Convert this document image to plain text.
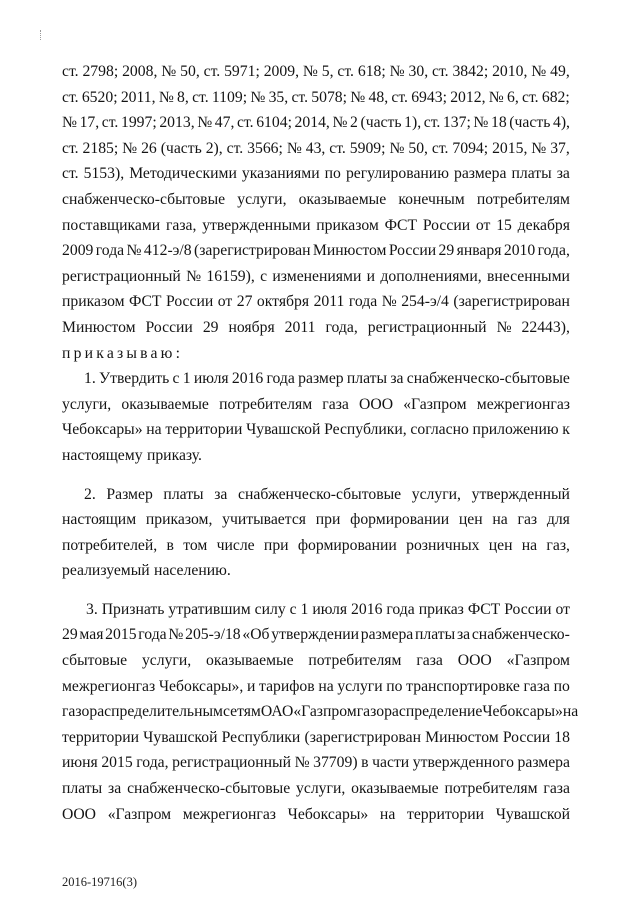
ст. 2798; 2008, № 50, ст. 5971; 2009, № 5, ст. 618; № 30, ст. 3842; 2010, № 49,
ст. 6520; 2011, № 8, ст. 1109; № 35, ст. 5078; № 48, ст. 6943; 2012, № 6, ст. 682;
№ 17, ст. 1997; 2013, № 47, ст. 6104; 2014, № 2 (часть 1), ст. 137; № 18 (часть 4),
ст. 2185; № 26 (часть 2), ст. 3566; № 43, ст. 5909; № 50, ст. 7094; 2015, № 37,
ст. 5153), Методическими указаниями по регулированию размера платы за
снабженческо-сбытовые услуги, оказываемые конечным потребителям
поставщиками газа, утвержденными приказом ФСТ России от 15 декабря
2009 года № 412-э/8 (зарегистрирован Минюстом России 29 января 2010 года,
регистрационный № 16159), с изменениями и дополнениями, внесенными
приказом ФСТ России от 27 октября 2011 года № 254-э/4 (зарегистрирован
Минюстом России 29 ноября 2011 года, регистрационный № 22443),
приказываю:
1. Утвердить с 1 июля 2016 года размер платы за снабженческо-сбытовые
услуги, оказываемые потребителям газа ООО «Газпром межрегионгаз
Чебоксары» на территории Чувашской Республики, согласно приложению к
настоящему приказу.
2. Размер платы за снабженческо-сбытовые услуги, утвержденный
настоящим приказом, учитывается при формировании цен на газ для
потребителей, в том числе при формировании розничных цен на газ,
реализуемый населению.
3. Признать утратившим силу с 1 июля 2016 года приказ ФСТ России от
29 мая 2015 года № 205-э/18 «Об утверждении размера платы за снабженческо-
сбытовые услуги, оказываемые потребителям газа ООО «Газпром
межрегионгаз Чебоксары», и тарифов на услуги по транспортировке газа по
газораспределительным сетям ОАО «Газпром газораспределение Чебоксары» на
территории Чувашской Республики (зарегистрирован Минюстом России 18
июня 2015 года, регистрационный № 37709) в части утвержденного размера
платы за снабженческо-сбытовые услуги, оказываемые потребителям газа
ООО «Газпром межрегионгаз Чебоксары» на территории Чувашской
2016-19716(3)
